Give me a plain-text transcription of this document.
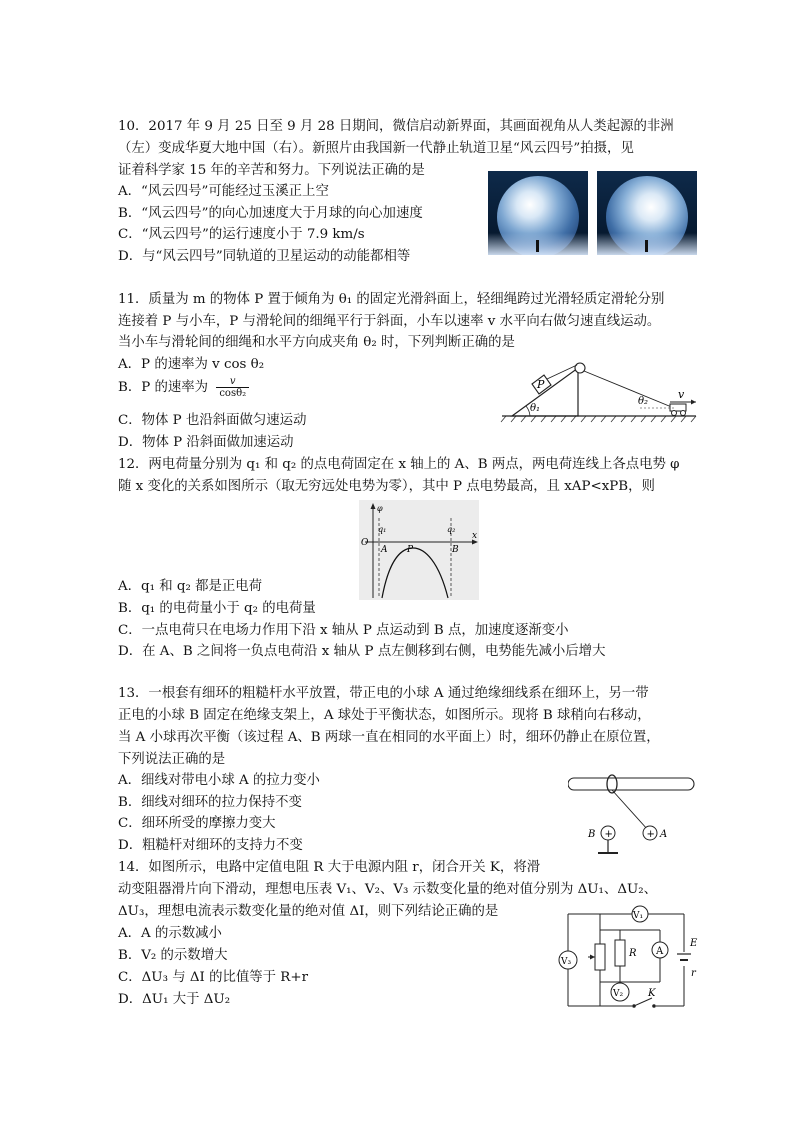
10．2017 年 9 月 25 日至 9 月 28 日期间，微信启动新界面，其画面视角从人类起源的非洲
（左）变成华夏大地中国（右）。新照片由我国新一代静止轨道卫星“风云四号”拍摄，见
证着科学家 15 年的辛苦和努力。下列说法正确的是
A．“风云四号”可能经过玉溪正上空
B．“风云四号”的向心加速度大于月球的向心加速度
C．“风云四号”的运行速度小于 7.9 km/s
D．与“风云四号”同轨道的卫星运动的动能都相等
11．质量为 m 的物体 P 置于倾角为 θ₁ 的固定光滑斜面上，轻细绳跨过光滑轻质定滑轮分别
连接着 P 与小车，P 与滑轮间的细绳平行于斜面，小车以速率 v 水平向右做匀速直线运动。
当小车与滑轮间的细绳和水平方向成夹角 θ₂ 时，下列判断正确的是
A．P 的速率为 v cos θ₂
B．P 的速率为 $\frac{v}{\text{cosθ₂}}$
C．物体 P 也沿斜面做匀速运动
D．物体 P 沿斜面做加速运动
P
v
θ₁
θ₂
12．两电荷量分别为 q₁ 和 q₂ 的点电荷固定在 x 轴上的 A、B 两点，两电荷连线上各点电势 φ
随 x 变化的关系如图所示（取无穷远处电势为零），其中 P 点电势最高，且 xAP<xPB，则
φ
O
x
q₁	q₂
A P	B
A．q₁ 和 q₂ 都是正电荷
B．q₁ 的电荷量小于 q₂ 的电荷量
C．一点电荷只在电场力作用下沿 x 轴从 P 点运动到 B 点，加速度逐渐变小
D．在 A、B 之间将一负点电荷沿 x 轴从 P 点左侧移到右侧，电势能先减小后增大
13．一根套有细环的粗糙杆水平放置，带正电的小球 A 通过绝缘细线系在细环上，另一带
正电的小球 B 固定在绝缘支架上，A 球处于平衡状态，如图所示。现将 B 球稍向右移动，
当 A 小球再次平衡（该过程 A、B 两球一直在相同的水平面上）时，细环仍静止在原位置，
下列说法正确的是
A．细线对带电小球 A 的拉力变小
B．细线对细环的拉力保持不变
C．细环所受的摩擦力变大
D．粗糙杆对细环的支持力不变
+ A
+
B
14．如图所示，电路中定值电阻 R 大于电源内阻 r，闭合开关 K，将滑
动变阻器滑片向下滑动，理想电压表 V₁、V₂、V₃ 示数变化量的绝对值分别为 ΔU₁、ΔU₂、
ΔU₃，理想电流表示数变化量的绝对值 ΔI，则下列结论正确的是
A．A 的示数减小
B．V₂ 的示数增大
C．ΔU₃ 与 ΔI 的比值等于 R+r
D．ΔU₁ 大于 ΔU₂
V₁
V₃
R A
V₂
E
r
K
